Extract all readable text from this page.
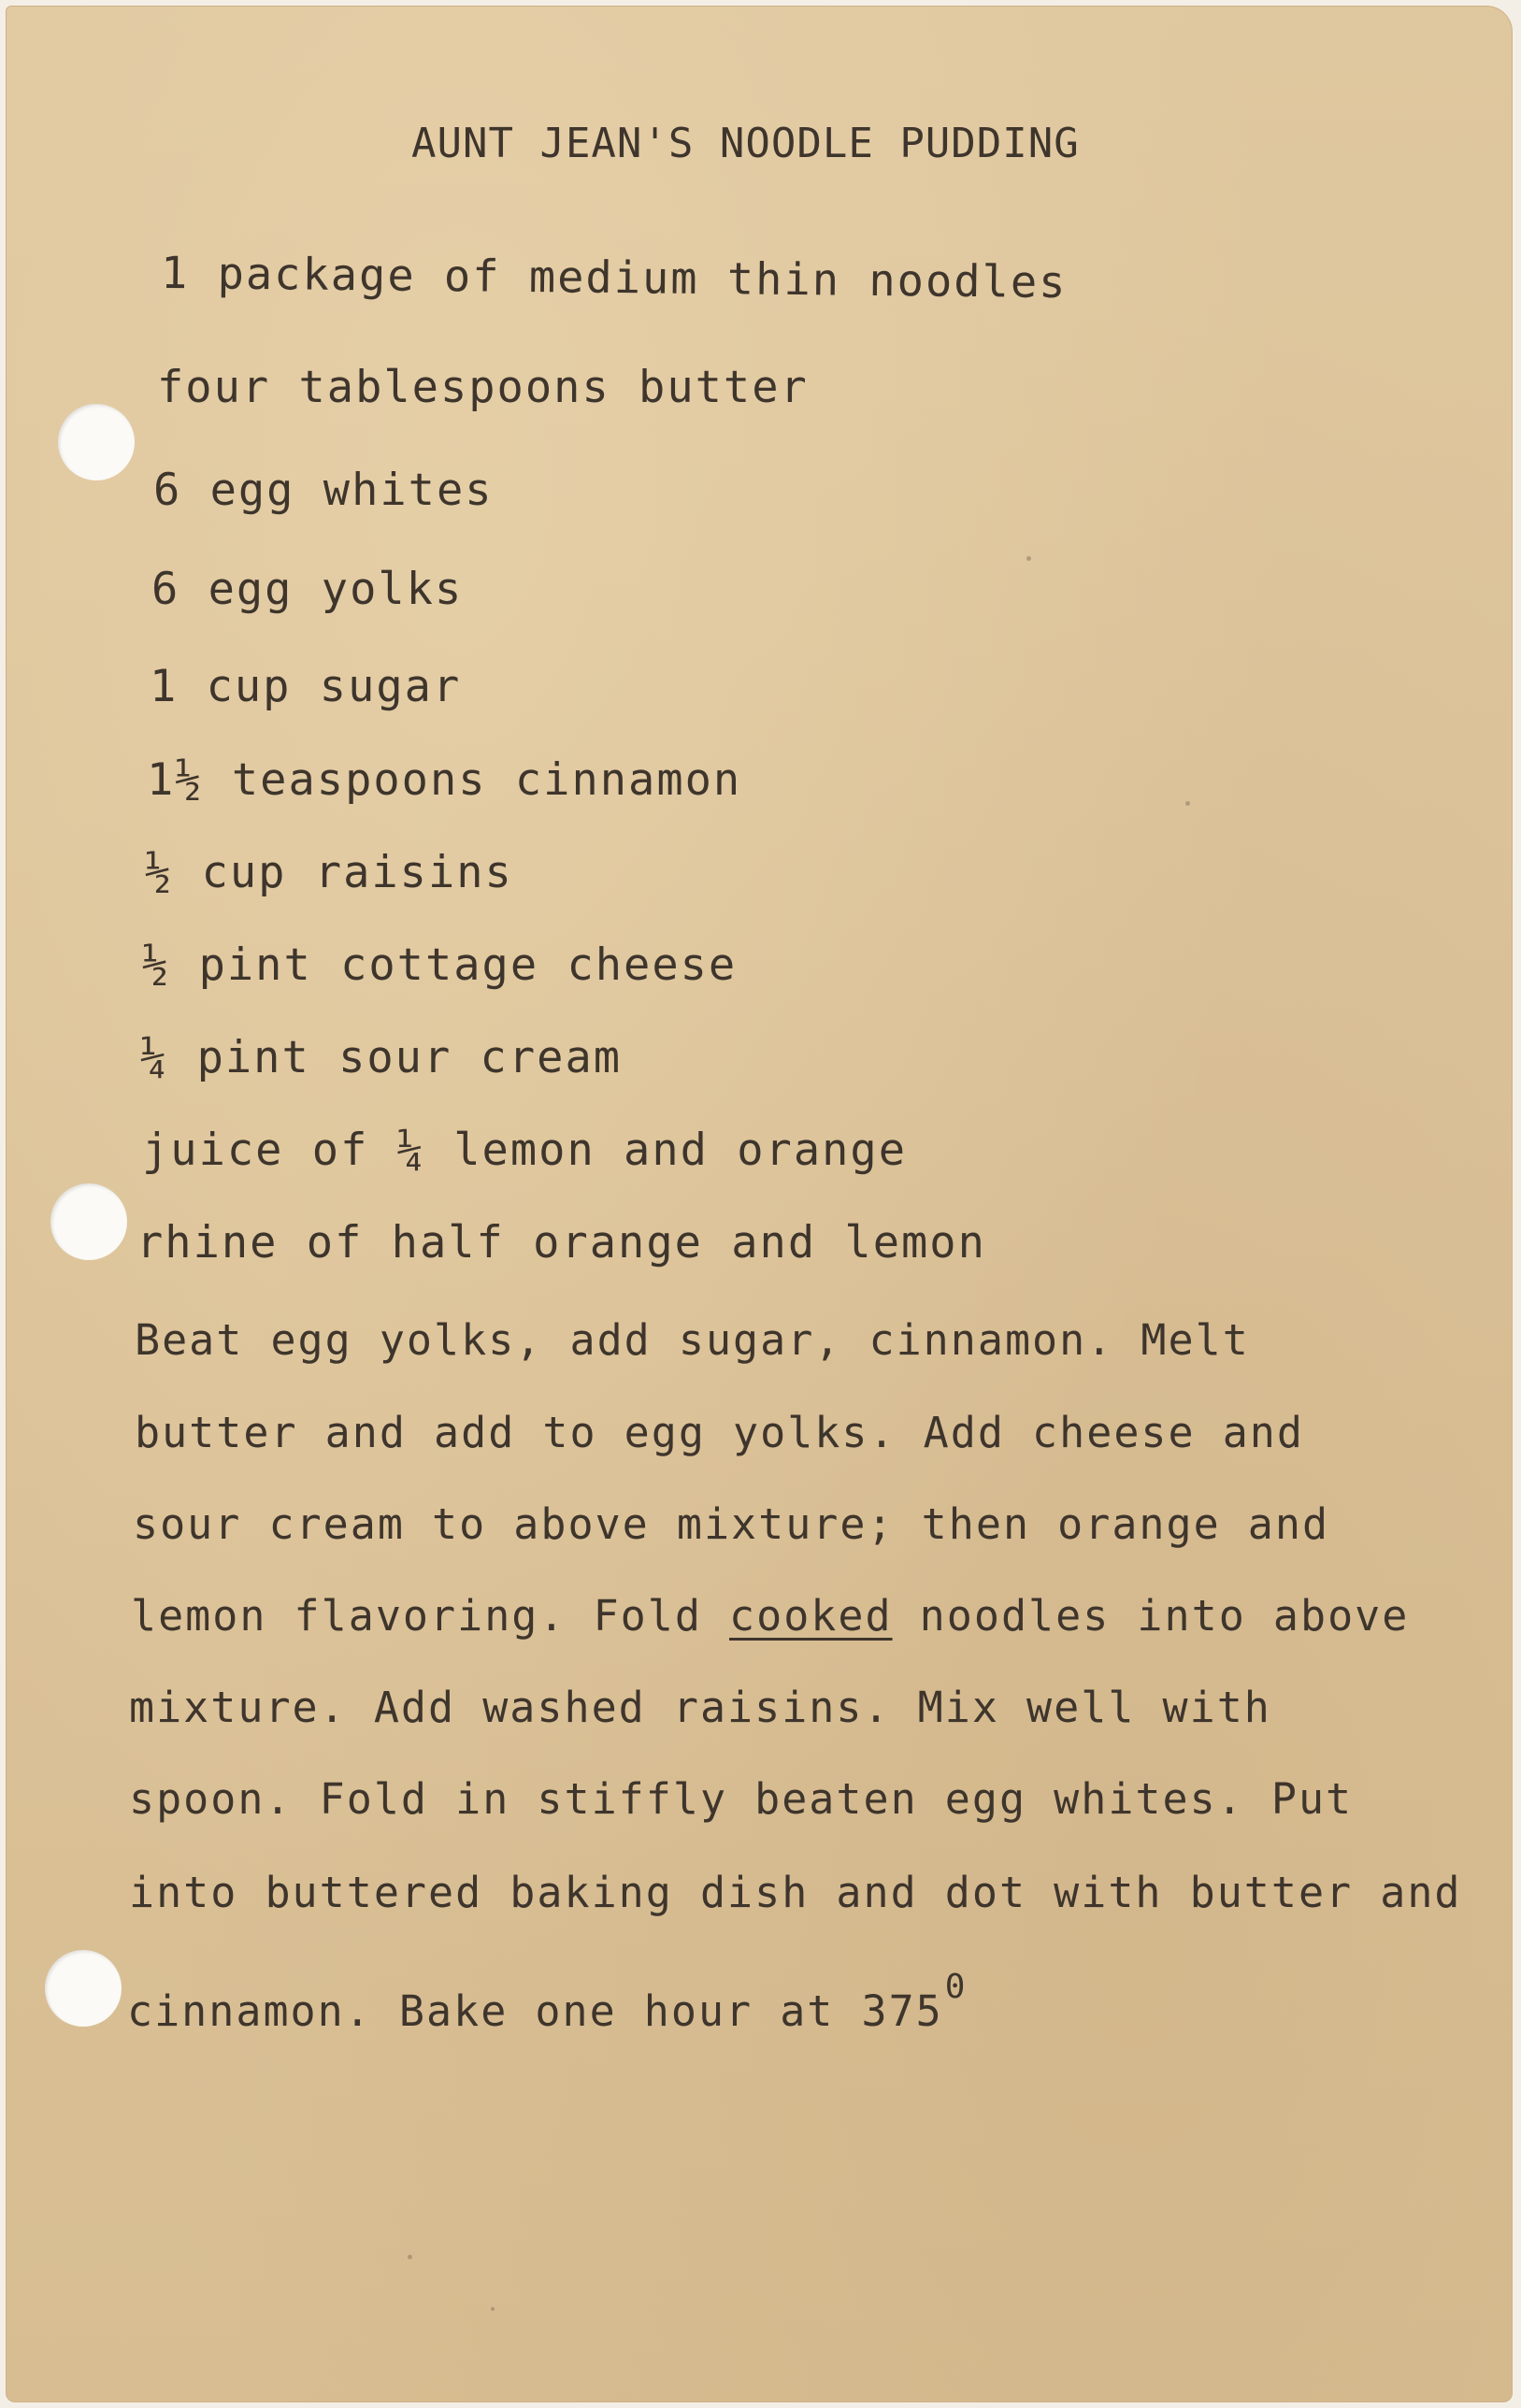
AUNT JEAN'S NOODLE PUDDING
1 package of medium thin noodles
four tablespoons butter
6 egg whites
6 egg yolks
1 cup sugar
1½ teaspoons cinnamon
½ cup raisins
½ pint cottage cheese
¼ pint sour cream
juice of ¼ lemon and orange
rhine of half orange and lemon
Beat egg yolks, add sugar, cinnamon. Melt
butter and add to egg yolks. Add cheese and
sour cream to above mixture; then orange and
lemon flavoring. Fold cooked noodles into above
mixture. Add washed raisins. Mix well with
spoon. Fold in stiffly beaten egg whites. Put
into buttered baking dish and dot with butter and
cinnamon. Bake one hour at $375^0$
